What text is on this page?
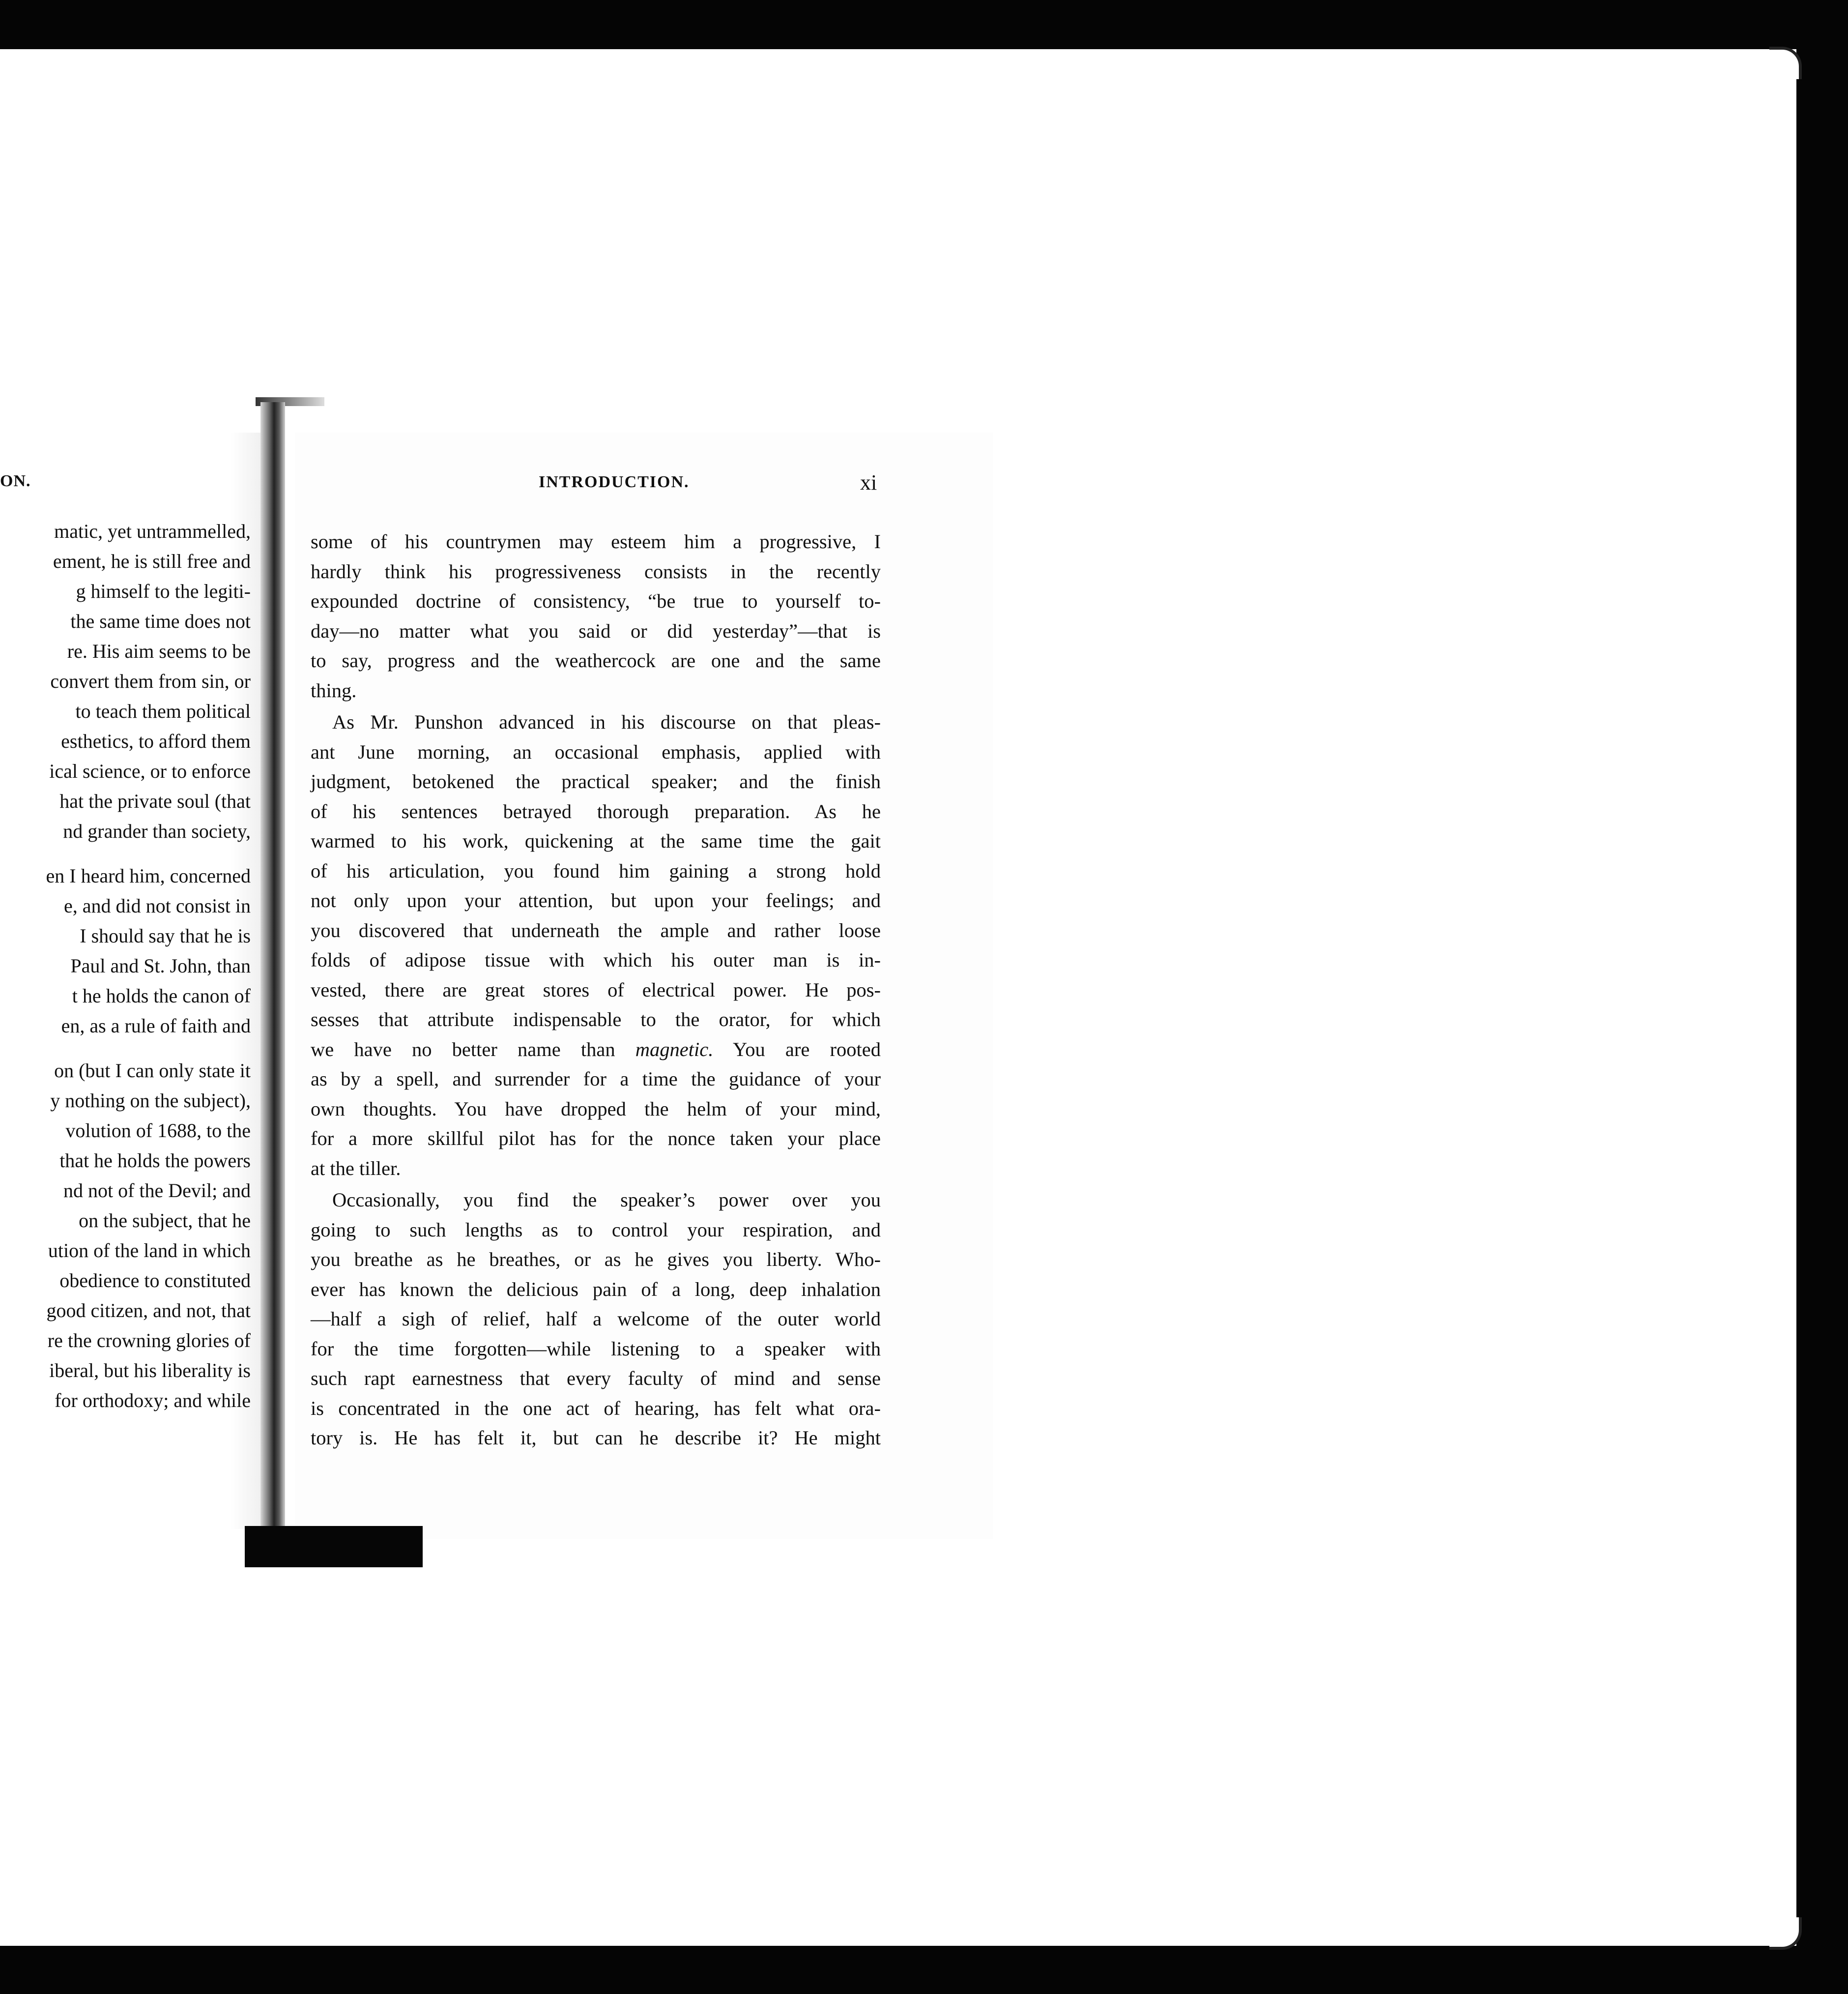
ON.
matic, yet untrammelled,
ement, he is still free and
g himself to the legiti-
the same time does not
re. His aim seems to be
convert them from sin, or
to teach them political
esthetics, to afford them
ical science, or to enforce
hat the private soul (that
nd grander than society,
en I heard him, concerned
e, and did not consist in
I should say that he is
Paul and St. John, than
t he holds the canon of
en, as a rule of faith and
on (but I can only state it
y nothing on the subject),
volution of 1688, to the
that he holds the powers
nd not of the Devil; and
on the subject, that he
ution of the land in which
obedience to constituted
good citizen, and not, that
re the crowning glories of
iberal, but his liberality is
for orthodoxy; and while
INTRODUCTION.	xi
some of his countrymen may esteem him a progressive, I
hardly think his progressiveness consists in the recently
expounded doctrine of consistency, “be true to yourself to-
day—no matter what you said or did yesterday”—that is
to say, progress and the weathercock are one and the same
thing.
As Mr. Punshon advanced in his discourse on that pleas-
ant June morning, an occasional emphasis, applied with
judgment, betokened the practical speaker; and the finish
of his sentences betrayed thorough preparation. As he
warmed to his work, quickening at the same time the gait
of his articulation, you found him gaining a strong hold
not only upon your attention, but upon your feelings; and
you discovered that underneath the ample and rather loose
folds of adipose tissue with which his outer man is in-
vested, there are great stores of electrical power. He pos-
sesses that attribute indispensable to the orator, for which
we have no better name than magnetic. You are rooted
as by a spell, and surrender for a time the guidance of your
own thoughts. You have dropped the helm of your mind,
for a more skillful pilot has for the nonce taken your place
at the tiller.
Occasionally, you find the speaker’s power over you
going to such lengths as to control your respiration, and
you breathe as he breathes, or as he gives you liberty. Who-
ever has known the delicious pain of a long, deep inhalation
—half a sigh of relief, half a welcome of the outer world
for the time forgotten—while listening to a speaker with
such rapt earnestness that every faculty of mind and sense
is concentrated in the one act of hearing, has felt what ora-
tory is. He has felt it, but can he describe it? He might
